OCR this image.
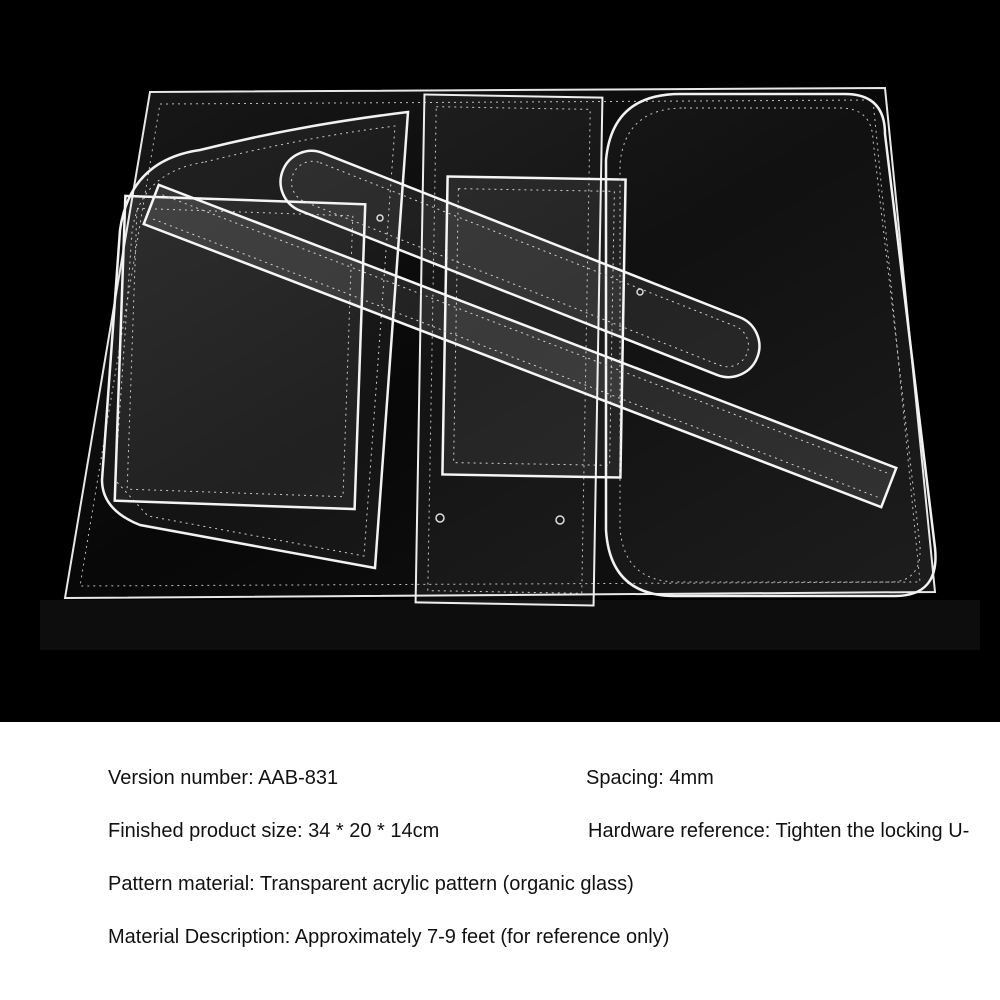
Version number: AAB-831	Spacing: 4mm
Finished product size: 34 * 20 * 14cm	Hardware reference: Tighten the locking U-
Pattern material: Transparent acrylic pattern (organic glass)
Material Description: Approximately 7-9 feet (for reference only)
